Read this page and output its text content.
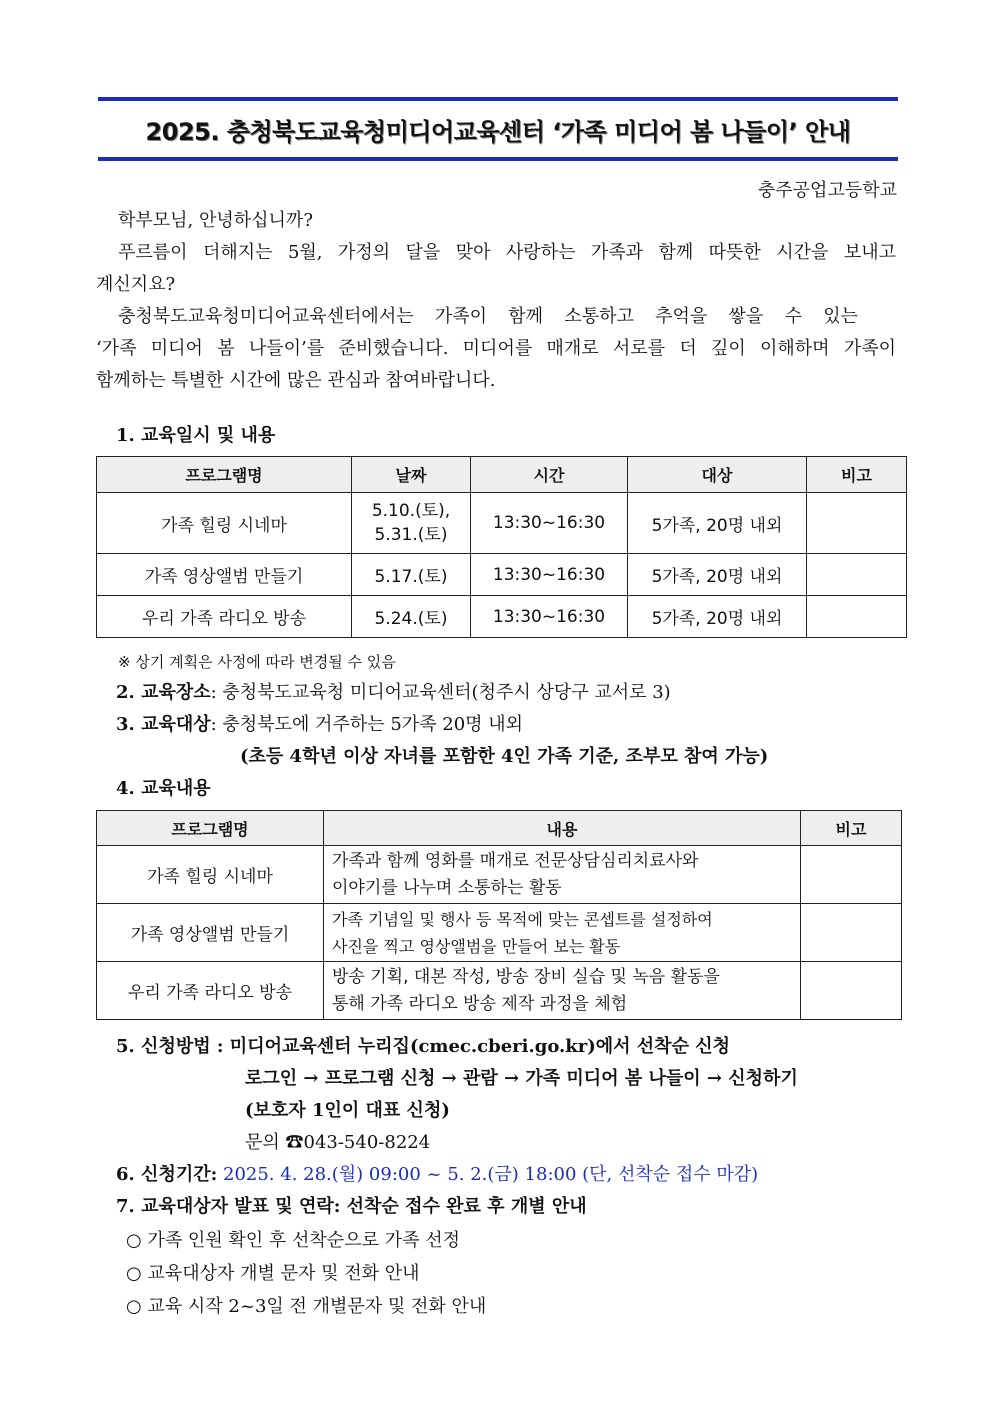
2025. 충청북도교육청미디어교육센터 ‘가족 미디어 봄 나들이’ 안내
충주공업고등학교
학부모님, 안녕하십니까?
푸르름이 더해지는 5월, 가정의 달을 맞아 사랑하는 가족과 함께 따뜻한 시간을 보내고
계신지요?
충청북도교육청미디어교육센터에서는 가족이 함께 소통하고 추억을 쌓을 수 있는
‘가족 미디어 봄 나들이’를 준비했습니다. 미디어를 매개로 서로를 더 깊이 이해하며 가족이
함께하는 특별한 시간에 많은 관심과 참여바랍니다.
1. 교육일시 및 내용
프로그램명	날짜	시간	대상	비고
가족 힐링 시네마	5.10.(토),
5.31.(토)	13:30~16:30	5가족, 20명 내외	
가족 영상앨범 만들기	5.17.(토)	13:30~16:30	5가족, 20명 내외	
우리 가족 라디오 방송	5.24.(토)	13:30~16:30	5가족, 20명 내외	
※ 상기 계획은 사정에 따라 변경될 수 있음
2. 교육장소: 충청북도교육청 미디어교육센터(청주시 상당구 교서로 3)
3. 교육대상: 충청북도에 거주하는 5가족 20명 내외
(초등 4학년 이상 자녀를 포함한 4인 가족 기준, 조부모 참여 가능)
4. 교육내용
프로그램명	내용	비고
가족 힐링 시네마	가족과 함께 영화를 매개로 전문상담심리치료사와
이야기를 나누며 소통하는 활동	

가족 영상앨범 만들기	가족 기념일 및 행사 등 목적에 맞는 콘셉트를 설정하여
사진을 찍고 영상앨범을 만들어 보는 활동	

우리 가족 라디오 방송	방송 기획, 대본 작성, 방송 장비 실습 및 녹음 활동을
통해 가족 라디오 방송 제작 과정을 체험	

5. 신청방법 : 미디어교육센터 누리집(cmec.cberi.go.kr)에서 선착순 신청
로그인 → 프로그램 신청 → 관람 → 가족 미디어 봄 나들이 → 신청하기
(보호자 1인이 대표 신청)
문의 ☎043-540-8224
6. 신청기간: 2025. 4. 28.(월) 09:00 ~ 5. 2.(금) 18:00 (단, 선착순 접수 마감)
7. 교육대상자 발표 및 연락: 선착순 접수 완료 후 개별 안내
○ 가족 인원 확인 후 선착순으로 가족 선정
○ 교육대상자 개별 문자 및 전화 안내
○ 교육 시작 2~3일 전 개별문자 및 전화 안내
